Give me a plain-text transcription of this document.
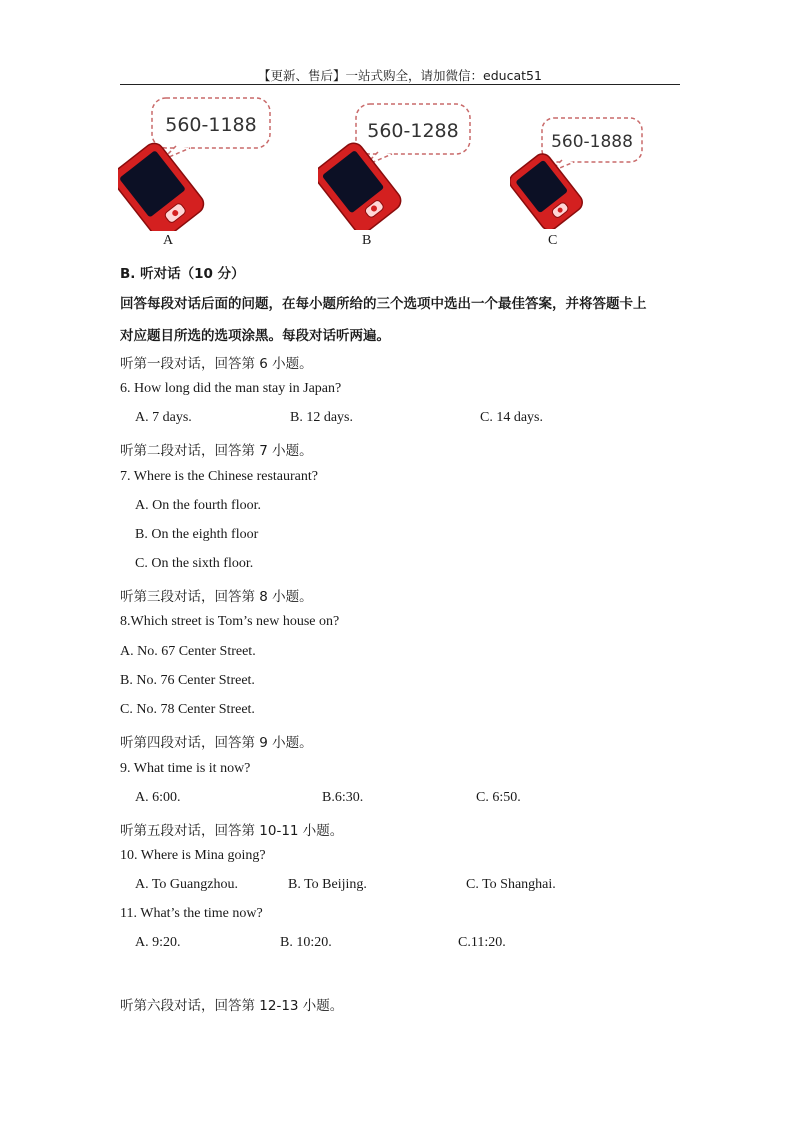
【更新、售后】一站式购全，请加微信：educat51
560-1188
A
560-1288
B
560-1888
C
B. 听对话（10 分）
回答每段对话后面的问题，在每小题所给的三个选项中选出一个最佳答案，并将答题卡上
对应题目所选的选项涂黑。每段对话听两遍。
听第一段对话，回答第 6 小题。
6. How long did the man stay in Japan?
A. 7 days.	B. 12 days.	C. 14 days.
听第二段对话，回答第 7 小题。
7. Where is the Chinese restaurant?
A. On the fourth floor.
B. On the eighth floor
C. On the sixth floor.
听第三段对话，回答第 8 小题。
8.Which street is Tom’s new house on?
A. No. 67 Center Street.
B. No. 76 Center Street.
C. No. 78 Center Street.
听第四段对话，回答第 9 小题。
9. What time is it now?
A. 6:00.	B.6:30.	C. 6:50.
听第五段对话，回答第 10-11 小题。
10. Where is Mina going?
A. To Guangzhou.	B. To Beijing.	C. To Shanghai.
11. What’s the time now?
A. 9:20.	B. 10:20.	C.11:20.
听第六段对话，回答第 12-13 小题。
